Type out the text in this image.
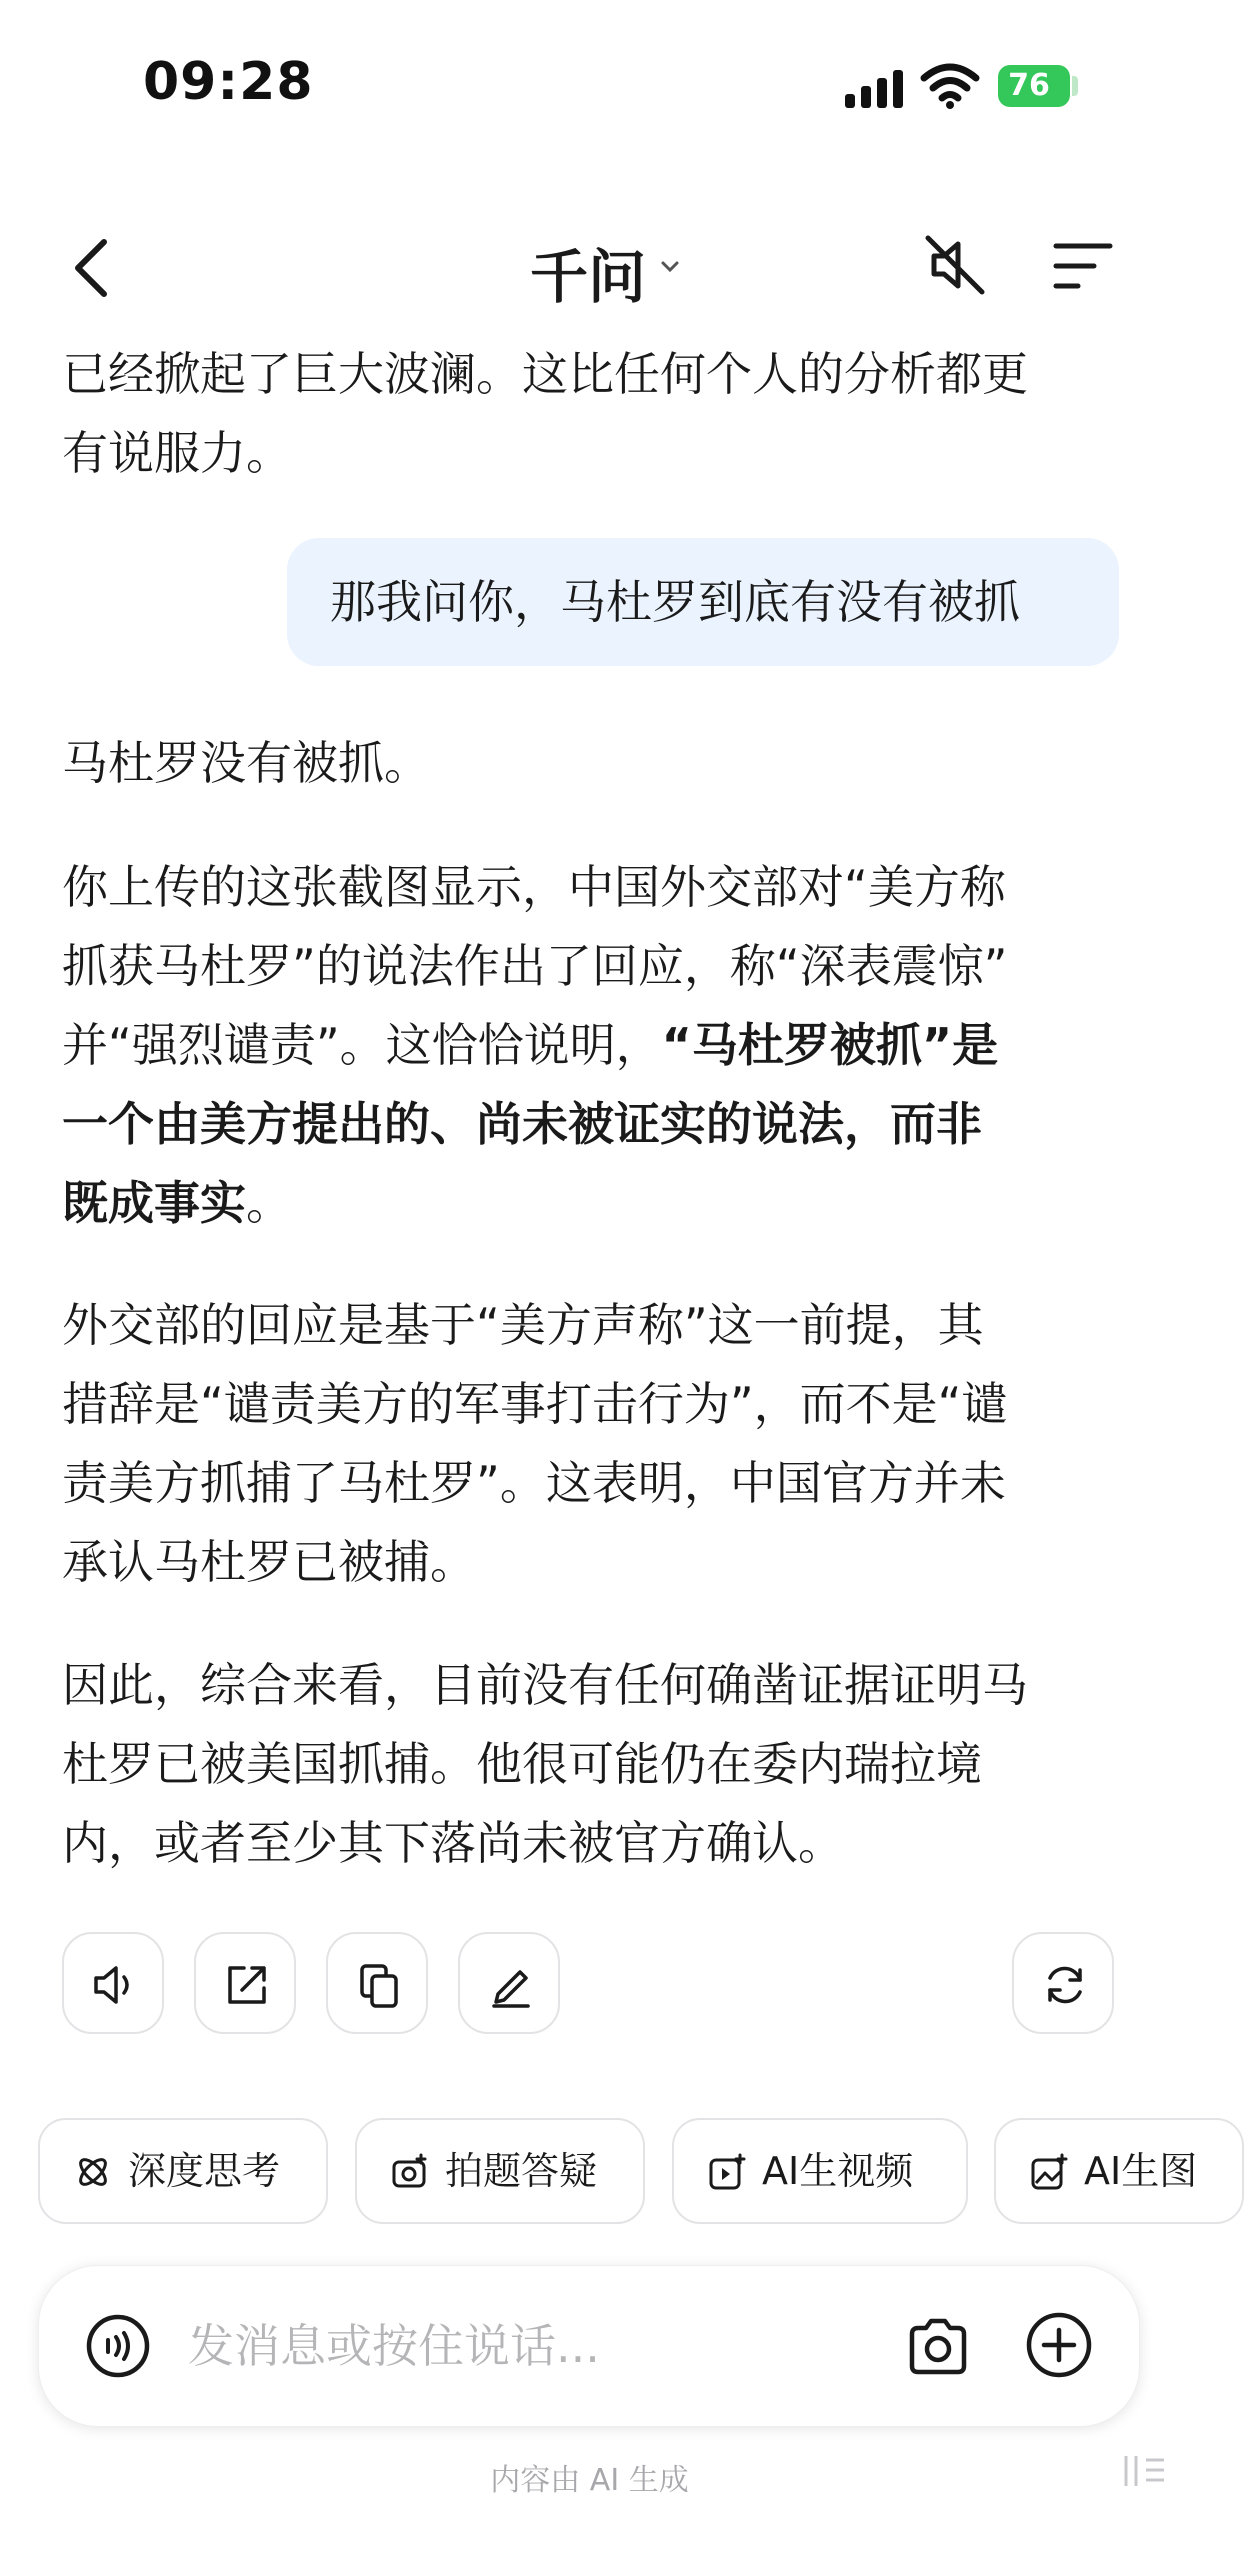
09:28	76
千问
已经掀起了巨大波澜。这比任何个人的分析都更
有说服力。
那我问你，马杜罗到底有没有被抓
马杜罗没有被抓。
你上传的这张截图显示，中国外交部对“美方称
抓获马杜罗”的说法作出了回应，称“深表震惊”
并“强烈谴责”。这恰恰说明，“马杜罗被抓”是
一个由美方提出的、尚未被证实的说法，而非
既成事实。
外交部的回应是基于“美方声称”这一前提，其
措辞是“谴责美方的军事打击行为”，而不是“谴
责美方抓捕了马杜罗”。这表明，中国官方并未
承认马杜罗已被捕。
因此，综合来看，目前没有任何确凿证据证明马
杜罗已被美国抓捕。他很可能仍在委内瑞拉境
内，或者至少其下落尚未被官方确认。
深度思考	拍题答疑	AI生视频	AI生图
发消息或按住说话...
内容由 AI 生成
